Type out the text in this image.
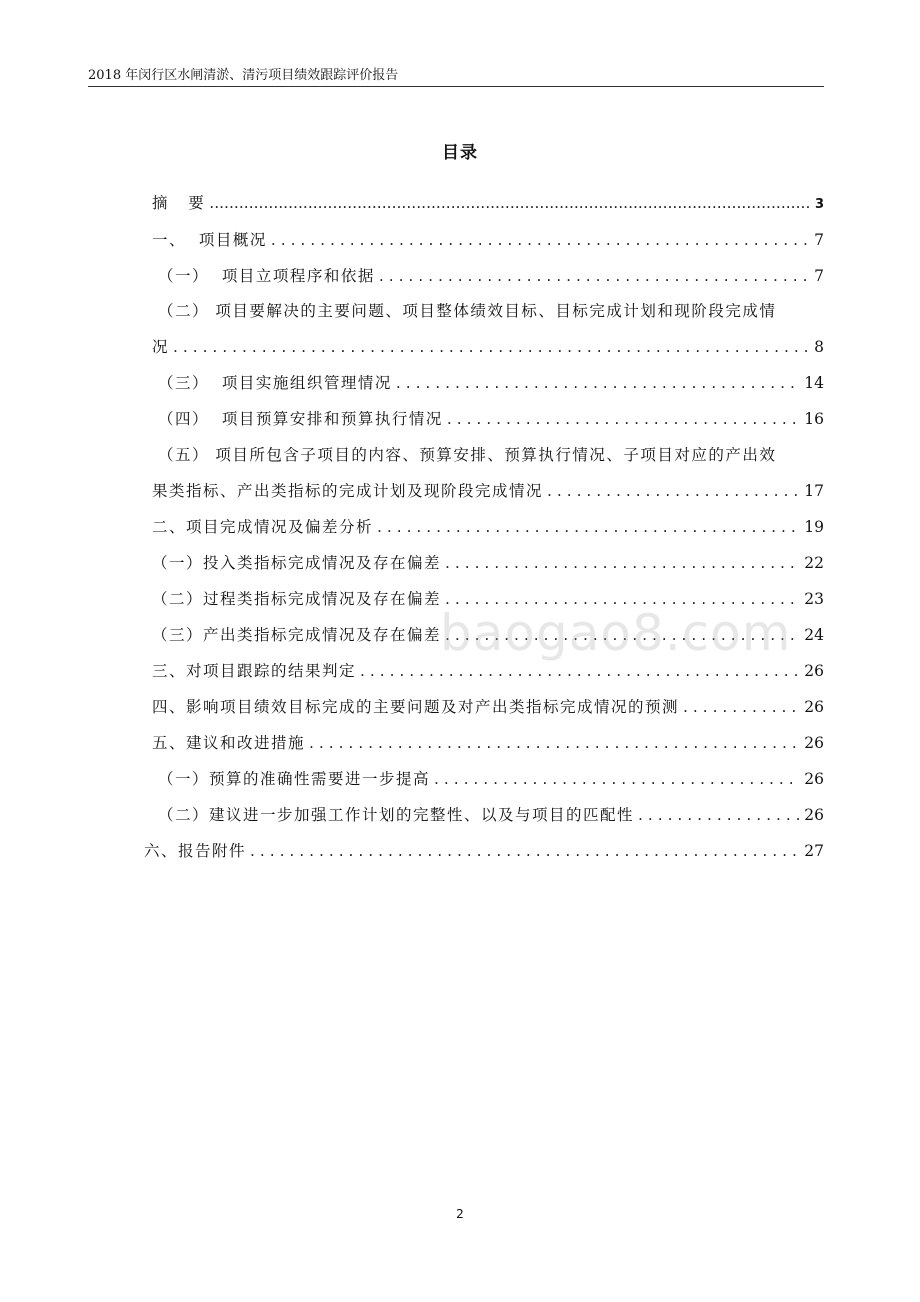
2018 年闵行区水闸清淤、清污项目绩效跟踪评价报告
目录
摘   要 .....	3
一、  项目概况 . . .	7
（一）  项目立项程序和依据 . . .	7
（二） 项目要解决的主要问题、项目整体绩效目标、目标完成计划和现阶段完成情
况 . . .	8
（三）  项目实施组织管理情况 . . .	14
（四）  项目预算安排和预算执行情况 . . .	16
（五） 项目所包含子项目的内容、预算安排、预算执行情况、子项目对应的产出效
果类指标、产出类指标的完成计划及现阶段完成情况 . . .	17
二、项目完成情况及偏差分析 . . .	19
（一）投入类指标完成情况及存在偏差 . . .	22
（二）过程类指标完成情况及存在偏差 . . .	23
（三）产出类指标完成情况及存在偏差 . . .	24
三、对项目跟踪的结果判定 . . .	26
四、影响项目绩效目标完成的主要问题及对产出类指标完成情况的预测 . . .	26
五、建议和改进措施 . . .	26
（一）预算的准确性需要进一步提高 . . .	26
（二）建议进一步加强工作计划的完整性、以及与项目的匹配性 . . .	26
六、报告附件 . . .	27
baogao8.com
2
